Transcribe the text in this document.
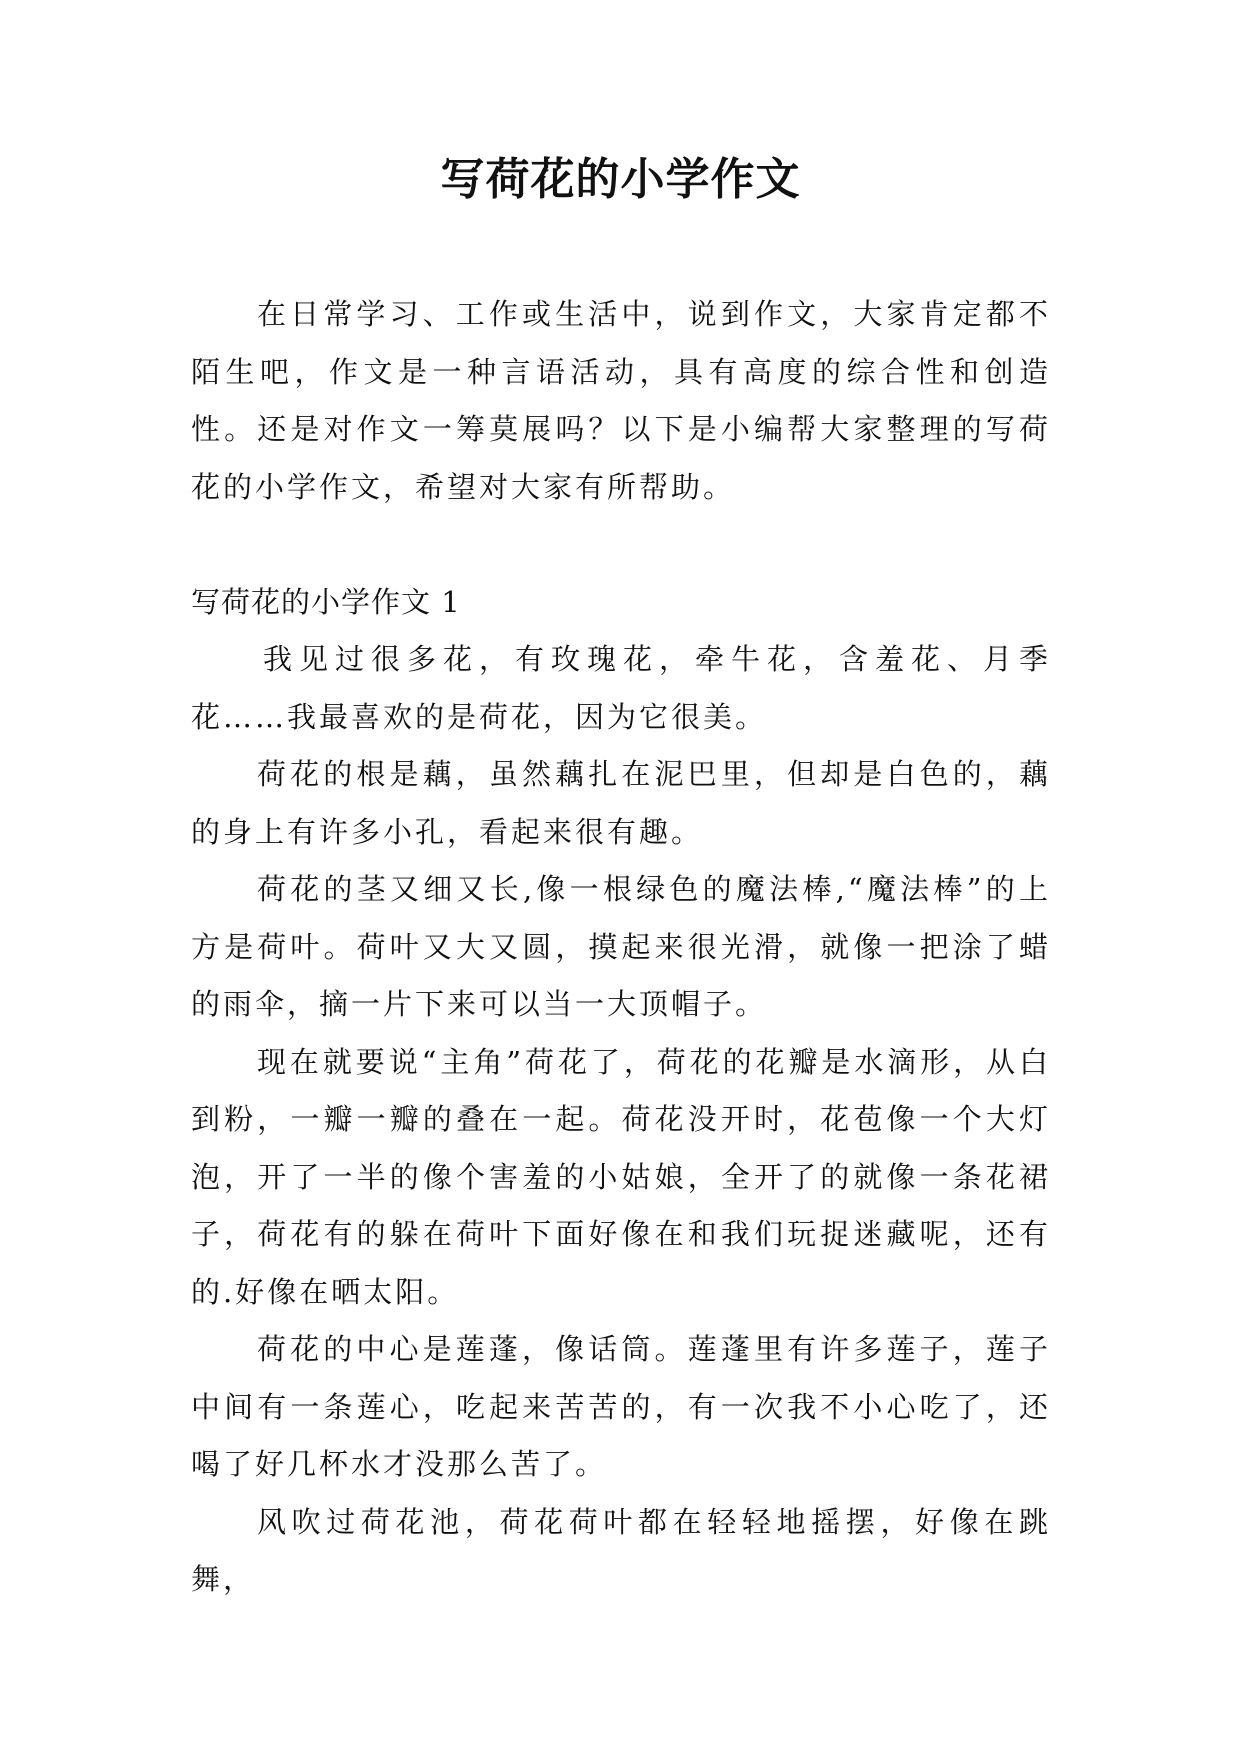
写荷花的小学作文

在日常学习、工作或生活中，说到作文，大家肯定都不陌生吧，作文是一种言语活动，具有高度的综合性和创造性。还是对作文一筹莫展吗？以下是小编帮大家整理的写荷花的小学作文，希望对大家有所帮助。

写荷花的小学作文 1

我见过很多花，有玫瑰花，牵牛花，含羞花、月季花……我最喜欢的是荷花，因为它很美。

荷花的根是藕，虽然藕扎在泥巴里，但却是白色的，藕的身上有许多小孔，看起来很有趣。

荷花的茎又细又长,像一根绿色的魔法棒,“魔法棒”的上方是荷叶。荷叶又大又圆，摸起来很光滑，就像一把涂了蜡的雨伞，摘一片下来可以当一大顶帽子。

现在就要说“主角”荷花了，荷花的花瓣是水滴形，从白到粉，一瓣一瓣的叠在一起。荷花没开时，花苞像一个大灯泡，开了一半的像个害羞的小姑娘，全开了的就像一条花裙子，荷花有的躲在荷叶下面好像在和我们玩捉迷藏呢，还有的.好像在晒太阳。

荷花的中心是莲蓬，像话筒。莲蓬里有许多莲子，莲子中间有一条莲心，吃起来苦苦的，有一次我不小心吃了，还喝了好几杯水才没那么苦了。

风吹过荷花池，荷花荷叶都在轻轻地摇摆，好像在跳舞，
